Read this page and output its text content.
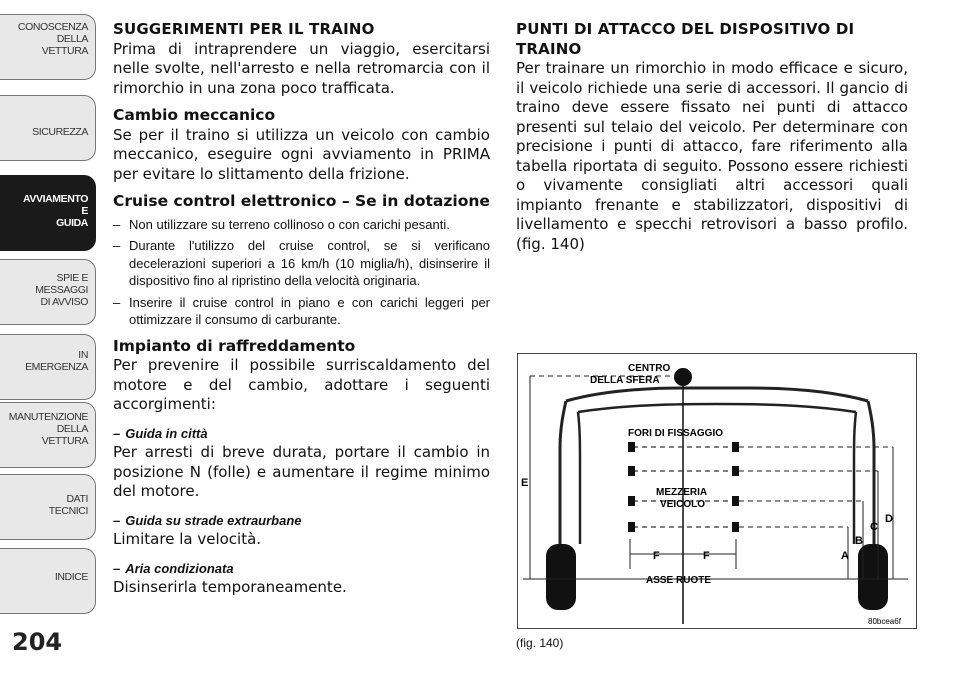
CONOSCENZA
DELLA
VETTURA
SICUREZZA
AVVIAMENTO
E
GUIDA
SPIE E
MESSAGGI
DI AVVISO
IN
EMERGENZA
MANUTENZIONE
DELLA
VETTURA
DATI
TECNICI
INDICE
204

SUGGERIMENTI PER IL TRAINO

Prima di intraprendere un viaggio, esercitarsi nelle svolte, nell'arresto e nella retromarcia con il rimorchio in una zona poco trafficata.

Cambio meccanico

Se per il traino si utilizza un veicolo con cambio meccanico, eseguire ogni avviamento in PRIMA per evitare lo slittamento della frizione.

Cruise control elettronico – Se in dotazione

– Non utilizzare su terreno collinoso o con carichi pesanti.

– Durante l'utilizzo del cruise control, se si verificano decelerazioni superiori a 16 km/h (10 miglia/h), disinserire il dispositivo fino al ripristino della velocità originaria.

– Inserire il cruise control in piano e con carichi leggeri per ottimizzare il consumo di carburante.

Impianto di raffreddamento

Per prevenire il possibile surriscaldamento del motore e del cambio, adottare i seguenti accorgimenti:

– Guida in città

Per arresti di breve durata, portare il cambio in posizione N (folle) e aumentare il regime minimo del motore.

– Guida su strade extraurbane

Limitare la velocità.

– Aria condizionata

Disinserirla temporaneamente.

PUNTI DI ATTACCO DEL DISPOSITIVO DI TRAINO

Per trainare un rimorchio in modo efficace e sicuro, il veicolo richiede una serie di accessori. Il gancio di traino deve essere fissato nei punti di attacco presenti sul telaio del veicolo. Per determinare con precisione i punti di attacco, fare riferimento alla tabella riportata di seguito. Possono essere richiesti o vivamente consigliati altri accessori quali impianto frenante e stabilizzatori, dispositivi di livellamento e specchi retrovisori a basso profilo. (fig. 140)

CENTRO
DELLA SFERA
FORI DI FISSAGGIO
MEZZERIA
VEICOLO
ASSE RUOTE
A
B
C
D
E
F	F
80bcea6f
(fig. 140)
